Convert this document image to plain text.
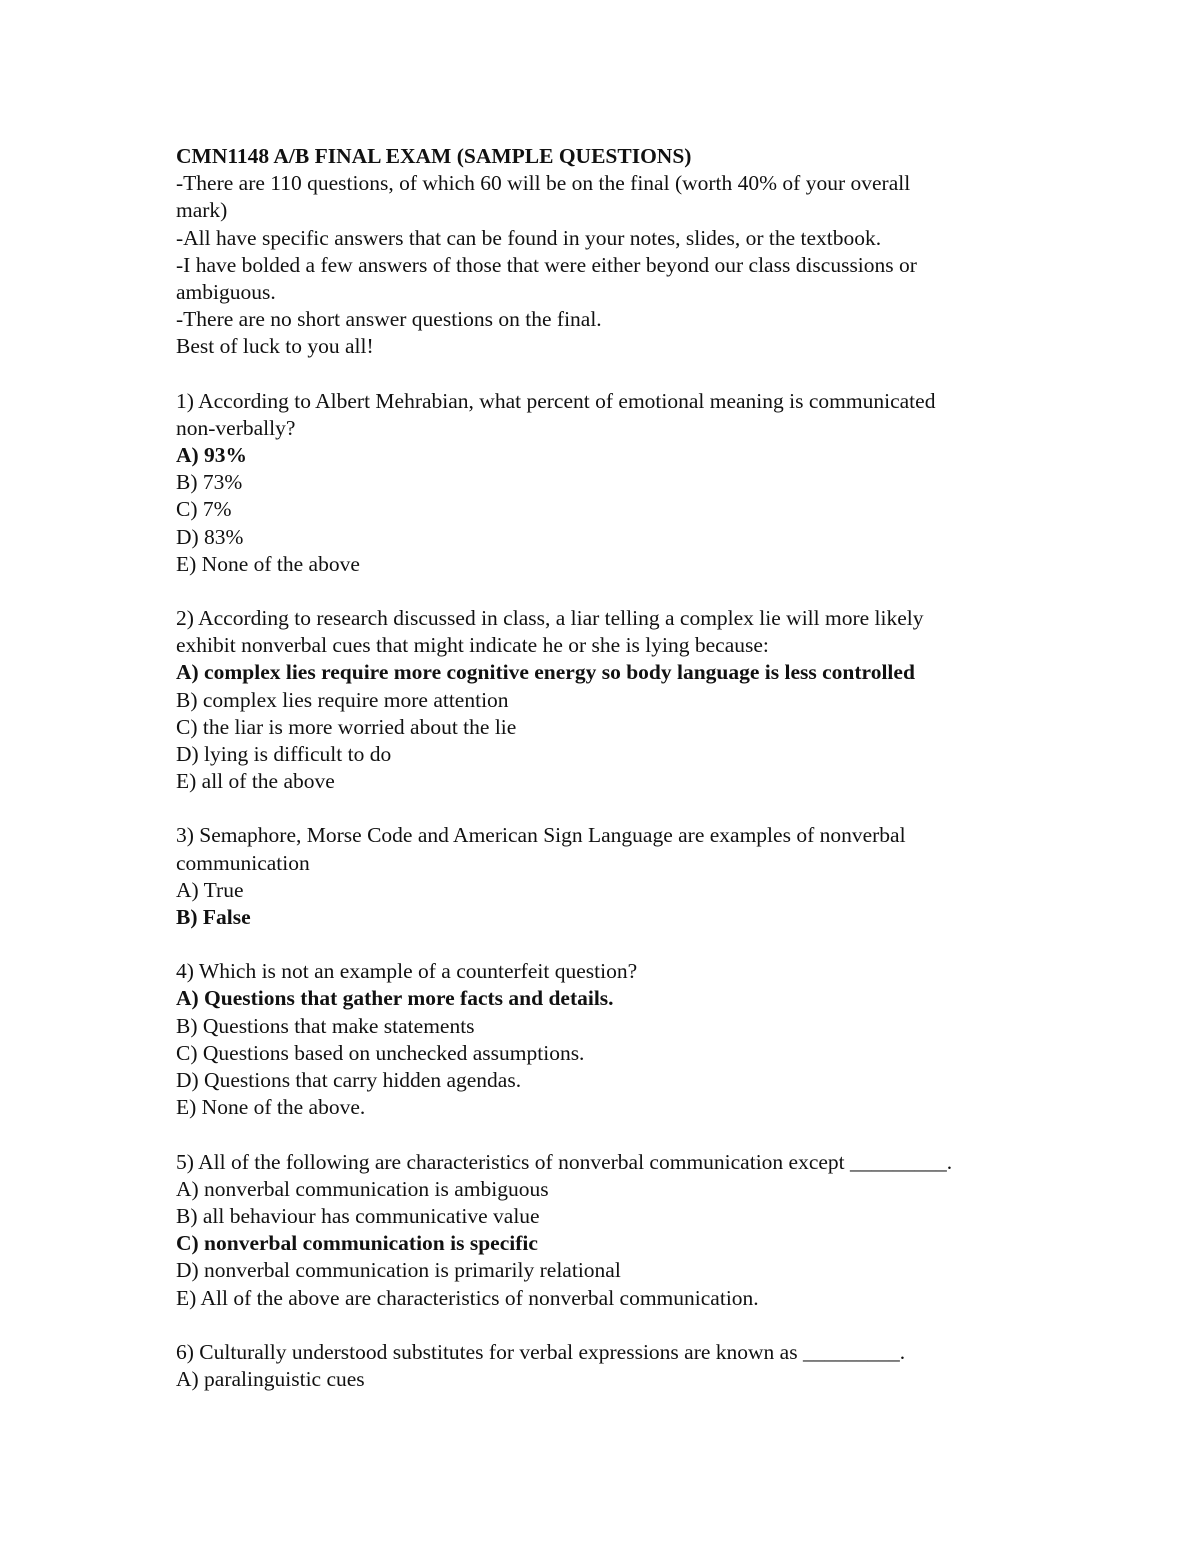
CMN1148 A/B FINAL EXAM (SAMPLE QUESTIONS)
-There are 110 questions, of which 60 will be on the final (worth 40% of your overall
mark)
-All have specific answers that can be found in your notes, slides, or the textbook.
-I have bolded a few answers of those that were either beyond our class discussions or
ambiguous.
-There are no short answer questions on the final.
Best of luck to you all!
1) According to Albert Mehrabian, what percent of emotional meaning is communicated
non-verbally?
A) 93%
B) 73%
C) 7%
D) 83%
E) None of the above
2) According to research discussed in class, a liar telling a complex lie will more likely
exhibit nonverbal cues that might indicate he or she is lying because:
A) complex lies require more cognitive energy so body language is less controlled
B) complex lies require more attention
C) the liar is more worried about the lie
D) lying is difficult to do
E) all of the above
3) Semaphore, Morse Code and American Sign Language are examples of nonverbal
communication
A) True
B) False
4) Which is not an example of a counterfeit question?
A) Questions that gather more facts and details.
B) Questions that make statements
C) Questions based on unchecked assumptions.
D) Questions that carry hidden agendas.
E) None of the above.
5) All of the following are characteristics of nonverbal communication except _________.
A) nonverbal communication is ambiguous
B) all behaviour has communicative value
C) nonverbal communication is specific
D) nonverbal communication is primarily relational
E) All of the above are characteristics of nonverbal communication.
6) Culturally understood substitutes for verbal expressions are known as _________.
A) paralinguistic cues
